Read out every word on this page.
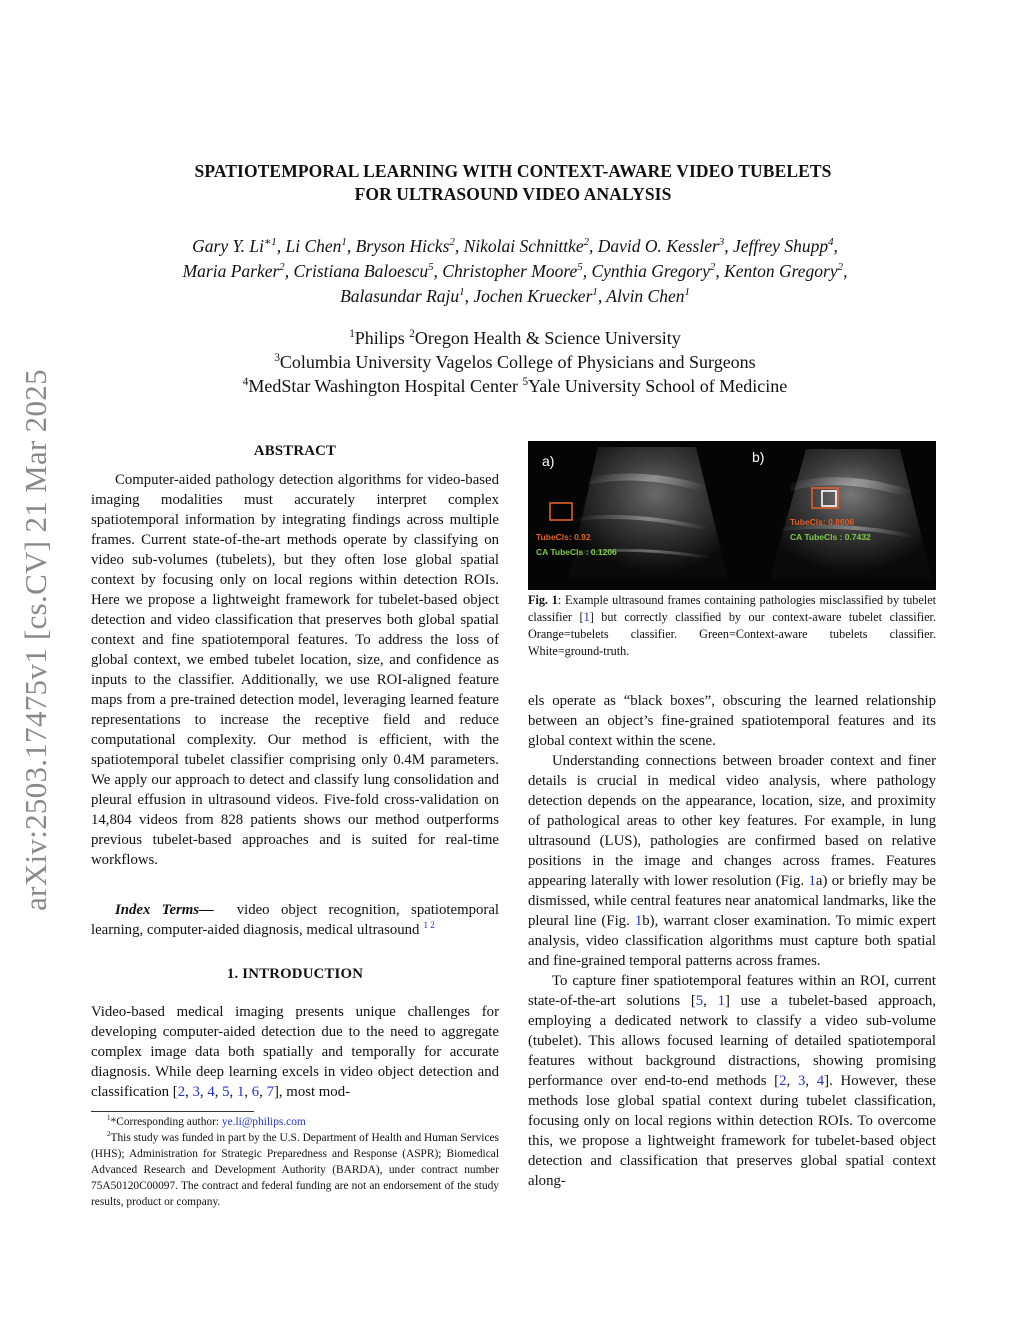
arXiv:2503.17475v1 [cs.CV] 21 Mar 2025
SPATIOTEMPORAL LEARNING WITH CONTEXT-AWARE VIDEO TUBELETS
FOR ULTRASOUND VIDEO ANALYSIS
Gary Y. $Li^{∗1}$, Li Chen$^1$, Bryson Hicks$^2$, Nikolai Schnittke$^2$, David O. Kessler$^3$, Jeffrey Shupp$^4$,
Maria Parker$^2$, Cristiana Baloescu$^5$, Christopher Moore$^5$, Cynthia Gregory$^2$, Kenton Gregory$^2$,
Balasundar Raju$^1$, Jochen Kruecker$^1$, Alvin Chen$^1$
$^1$Philips $^2$Oregon Health & Science University
$^3$Columbia University Vagelos College of Physicians and Surgeons
$^4$MedStar Washington Hospital Center $^5$Yale University School of Medicine
ABSTRACT

Computer-aided pathology detection algorithms for video-based imaging modalities must accurately interpret complex spatiotemporal information by integrating findings across multiple frames. Current state-of-the-art methods operate by classifying on video sub-volumes (tubelets), but they often lose global spatial context by focusing only on local regions within detection ROIs. Here we propose a lightweight framework for tubelet-based object detection and video classification that preserves both global spatial context and fine spatiotemporal features. To address the loss of global context, we embed tubelet location, size, and confidence as inputs to the classifier. Additionally, we use ROI-aligned feature maps from a pre-trained detection model, leveraging learned feature representations to increase the receptive field and reduce computational complexity. Our method is efficient, with the spatiotemporal tubelet classifier comprising only 0.4M parameters. We apply our approach to detect and classify lung consolidation and pleural effusion in ultrasound videos. Five-fold cross-validation on 14,804 videos from 828 patients shows our method outperforms previous tubelet-based approaches and is suited for real-time workflows.

Index Terms— video object recognition, spatiotemporal learning, computer-aided diagnosis, medical ultrasound $^{1 2}$

1. INTRODUCTION

Video-based medical imaging presents unique challenges for developing computer-aided detection due to the need to aggregate complex image data both spatially and temporally for accurate diagnosis. While deep learning excels in video object detection and classification [2, 3, 4, 5, 1, 6, 7], most mod-

$^1$*Corresponding author: ye.li@philips.com

$^2$This study was funded in part by the U.S. Department of Health and Human Services (HHS); Administration for Strategic Preparedness and Response (ASPR); Biomedical Advanced Research and Development Authority (BARDA), under contract number 75A50120C00097. The contract and federal funding are not an endorsement of the study results, product or company.

a)	b)
TubeCls: 0.92
CA TubeCls : 0.1206
TubeCls: 0.8606
CA TubeCls : 0.7432
Fig. 1: Example ultrasound frames containing pathologies misclassified by tubelet classifier [1] but correctly classified by our context-aware tubelet classifier. Orange=tubelets classifier. Green=Context-aware tubelets classifier. White=ground-truth.

els operate as “black boxes”, obscuring the learned relationship between an object’s fine-grained spatiotemporal features and its global context within the scene.

Understanding connections between broader context and finer details is crucial in medical video analysis, where pathology detection depends on the appearance, location, size, and proximity of pathological areas to other key features. For example, in lung ultrasound (LUS), pathologies are confirmed based on relative positions in the image and changes across frames. Features appearing laterally with lower resolution (Fig. 1a) or briefly may be dismissed, while central features near anatomical landmarks, like the pleural line (Fig. 1b), warrant closer examination. To mimic expert analysis, video classification algorithms must capture both spatial and fine-grained temporal patterns across frames.

To capture finer spatiotemporal features within an ROI, current state-of-the-art solutions [5, 1] use a tubelet-based approach, employing a dedicated network to classify a video sub-volume (tubelet). This allows focused learning of detailed spatiotemporal features without background distractions, showing promising performance over end-to-end methods [2, 3, 4]. However, these methods lose global spatial context during tubelet classification, focusing only on local regions within detection ROIs. To overcome this, we propose a lightweight framework for tubelet-based object detection and classification that preserves global spatial context along-
